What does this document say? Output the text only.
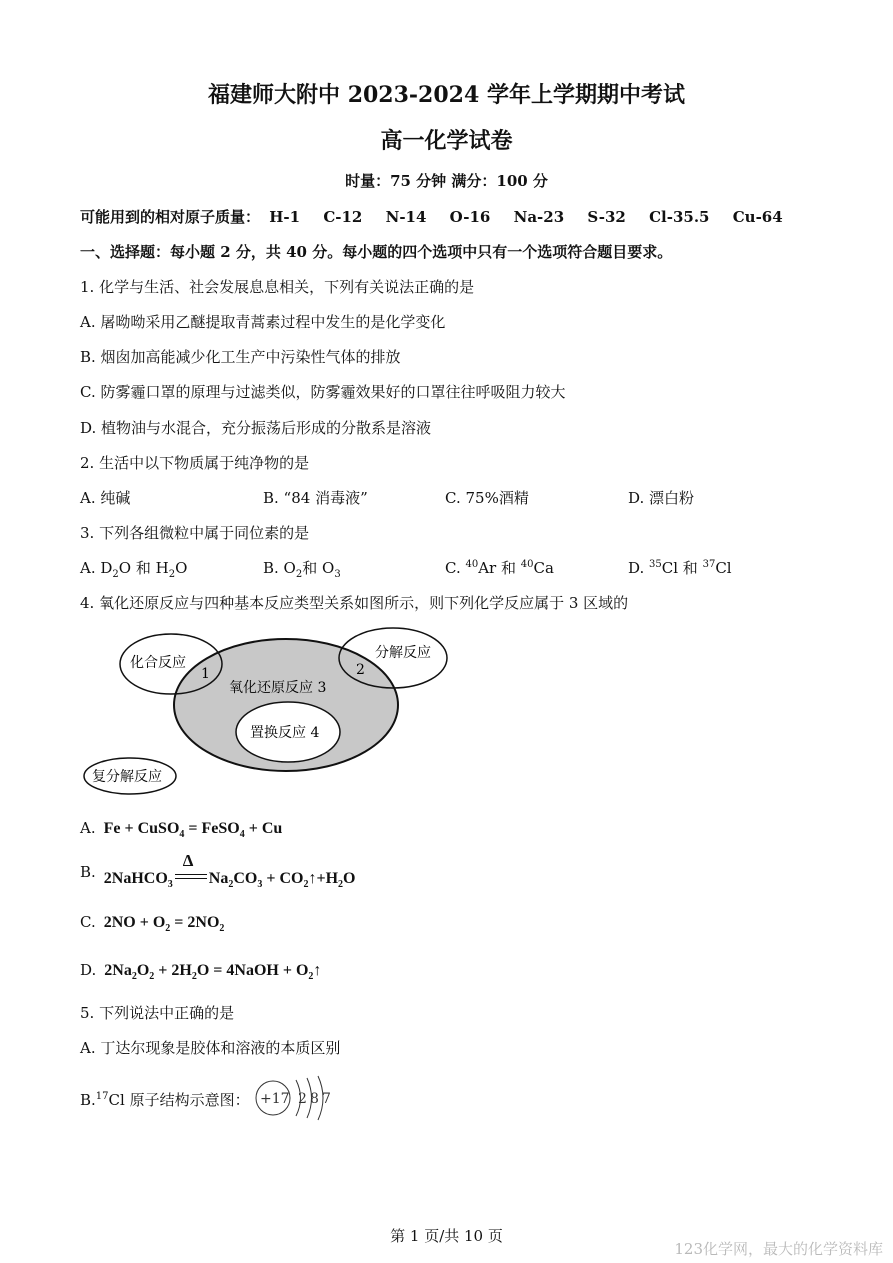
福建师大附中 2023-2024 学年上学期期中考试
高一化学试卷
时量：75 分钟 满分：100 分
可能用到的相对原子质量： H-1 C-12 N-14 O-16 Na-23 S-32 Cl-35.5 Cu-64
一、选择题：每小题 2 分，共 40 分。每小题的四个选项中只有一个选项符合题目要求。
1. 化学与生活、社会发展息息相关，下列有关说法正确的是
A. 屠呦呦采用乙醚提取青蒿素过程中发生的是化学变化
B. 烟囱加高能减少化工生产中污染性气体的排放
C. 防雾霾口罩的原理与过滤类似，防雾霾效果好的口罩往往呼吸阻力较大
D. 植物油与水混合，充分振荡后形成的分散系是溶液
2. 生活中以下物质属于纯净物的是
A. 纯碱	B. “84 消毒液”	C. 75%酒精	D. 漂白粉
3. 下列各组微粒中属于同位素的是
A. $D_2O$ 和 $H_2O$	B. $O_2$和 $O_3$	C. $^{40}$Ar 和 $^{40}$Ca	D. $^{35}$Cl 和 $^{37}$Cl
4. 氧化还原反应与四种基本反应类型关系如图所示，则下列化学反应属于 3 区域的
化合反应
1
分解反应
2
氧化还原反应 3
置换反应 4
复分解反应
A. Fe + CuSO$_4$ = FeSO$_4$ + Cu
B. 2NaHCO$_3$
Δ
$Na_2CO_3$ + $CO_2↑+H_2O$
C. $2NO + O_2 = 2NO_2$
D. $2Na_2O_2 + 2H_2O$ = 4NaOH + $O_2↑$
5. 下列说法中正确的是
A. 丁达尔现象是胶体和溶液的本质区别
B.$^{17}$Cl 原子结构示意图： +17 2 8 7
第 1 页/共 10 页
123化学网，最大的化学资料库
